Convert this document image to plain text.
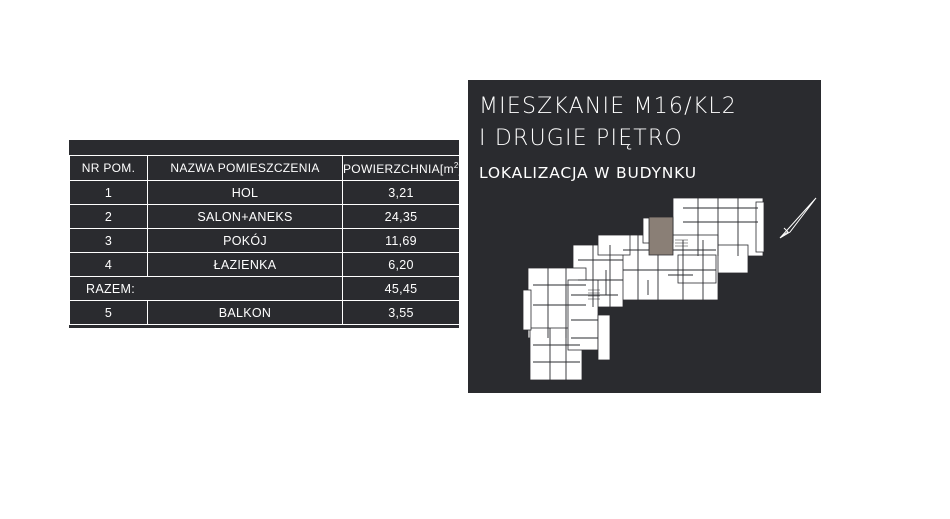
NR POM.	NAZWA POMIESZCZENIA	$POWIERZCHNIA[m^2]$
1	HOL	3,21
2	SALON+ANEKS	24,35
3	POKÓJ	11,69
4	ŁAZIENKA	6,20
RAZEM:		45,45
5	BALKON	3,55
MIESZKANIE M16/KL2
I DRUGIE PIĘTRO
LOKALIZACJA W BUDYNKU
